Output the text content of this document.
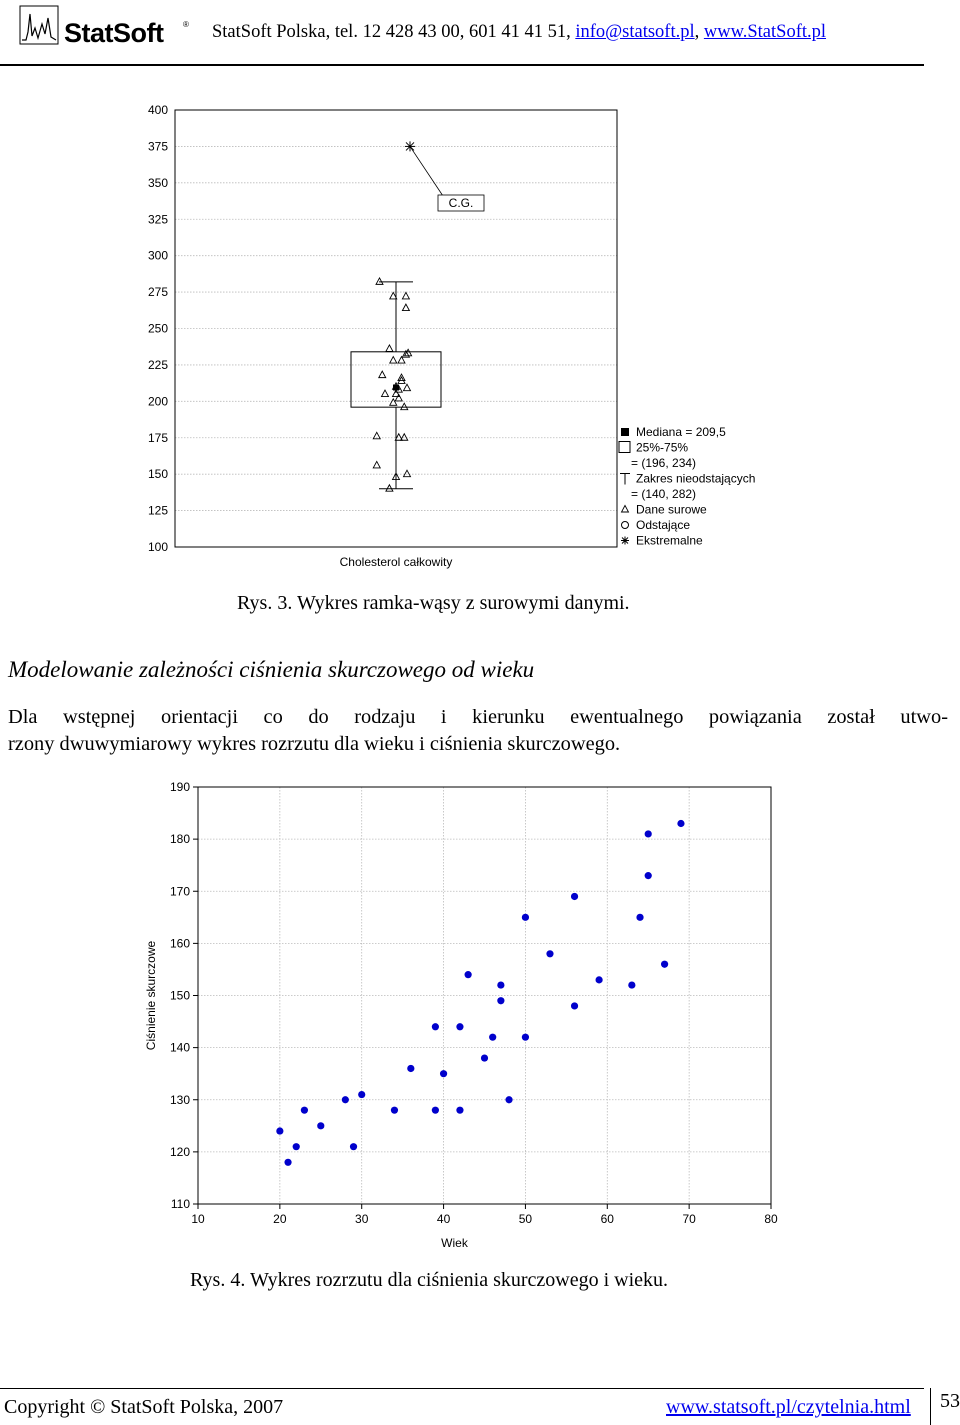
StatSoft ® StatSoft Polska, tel. 12 428 43 00, 601 41 41 51, info@statsoft.pl, www.StatSoft.pl
400
375
350
325
300
275
250
225
200
175
150
125
100
C.G.
Cholesterol całkowity
Mediana = 209,5
25%-75%
= (196, 234)
Zakres nieodstających
= (140, 282)
Dane surowe
Odstające
Ekstremalne
Rys. 3. Wykres ramka-wąsy z surowymi danymi.
Modelowanie zależności ciśnienia skurczowego od wieku
Dla wstępnej orientacji co do rodzaju i kierunku ewentualnego powiązania został utwo-
rzony dwuwymiarowy wykres rozrzutu dla wieku i ciśnienia skurczowego.
190
180
170
160
150
140
130
120
110
10	20	30	40	50	60	70	80
Wiek
Ciśnienie skurczowe
Rys. 4. Wykres rozrzutu dla ciśnienia skurczowego i wieku.
Copyright © StatSoft Polska, 2007	www.statsoft.pl/czytelnia.html 53
